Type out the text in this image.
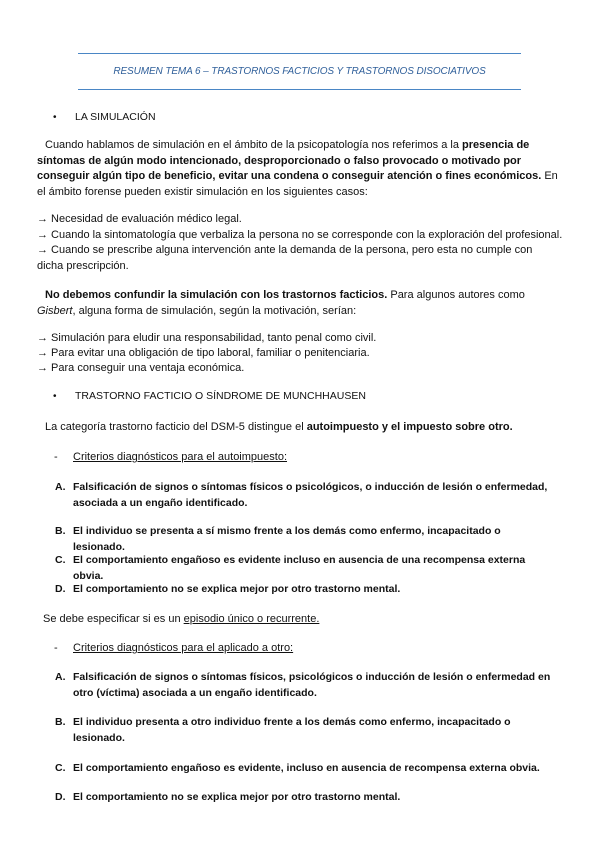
RESUMEN TEMA 6 – TRASTORNOS FACTICIOS Y TRASTORNOS DISOCIATIVOS
• LA SIMULACIÓN
Cuando hablamos de simulación en el ámbito de la psicopatología nos referimos a la presencia de síntomas de algún modo intencionado, desproporcionado o falso provocado o motivado por conseguir algún tipo de beneficio, evitar una condena o conseguir atención o fines económicos. En el ámbito forense pueden existir simulación en los siguientes casos:
→ Necesidad de evaluación médico legal.
→ Cuando la sintomatología que verbaliza la persona no se corresponde con la exploración del profesional.
→ Cuando se prescribe alguna intervención ante la demanda de la persona, pero esta no cumple con dicha prescripción.
No debemos confundir la simulación con los trastornos facticios. Para algunos autores como Gisbert, alguna forma de simulación, según la motivación, serían:
→ Simulación para eludir una responsabilidad, tanto penal como civil.
→ Para evitar una obligación de tipo laboral, familiar o penitenciaria.
→ Para conseguir una ventaja económica.
• TRASTORNO FACTICIO O SÍNDROME DE MUNCHHAUSEN
La categoría trastorno facticio del DSM-5 distingue el autoimpuesto y el impuesto sobre otro.
- Criterios diagnósticos para el autoimpuesto:
A. Falsificación de signos o síntomas físicos o psicológicos, o inducción de lesión o enfermedad, asociada a un engaño identificado.
B. El individuo se presenta a sí mismo frente a los demás como enfermo, incapacitado o lesionado.
C. El comportamiento engañoso es evidente incluso en ausencia de una recompensa externa obvia.
D. El comportamiento no se explica mejor por otro trastorno mental.
Se debe especificar si es un episodio único o recurrente.
- Criterios diagnósticos para el aplicado a otro:
A. Falsificación de signos o síntomas físicos, psicológicos o inducción de lesión o enfermedad en otro (víctima) asociada a un engaño identificado.
B. El individuo presenta a otro individuo frente a los demás como enfermo, incapacitado o lesionado.
C. El comportamiento engañoso es evidente, incluso en ausencia de recompensa externa obvia.
D. El comportamiento no se explica mejor por otro trastorno mental.
